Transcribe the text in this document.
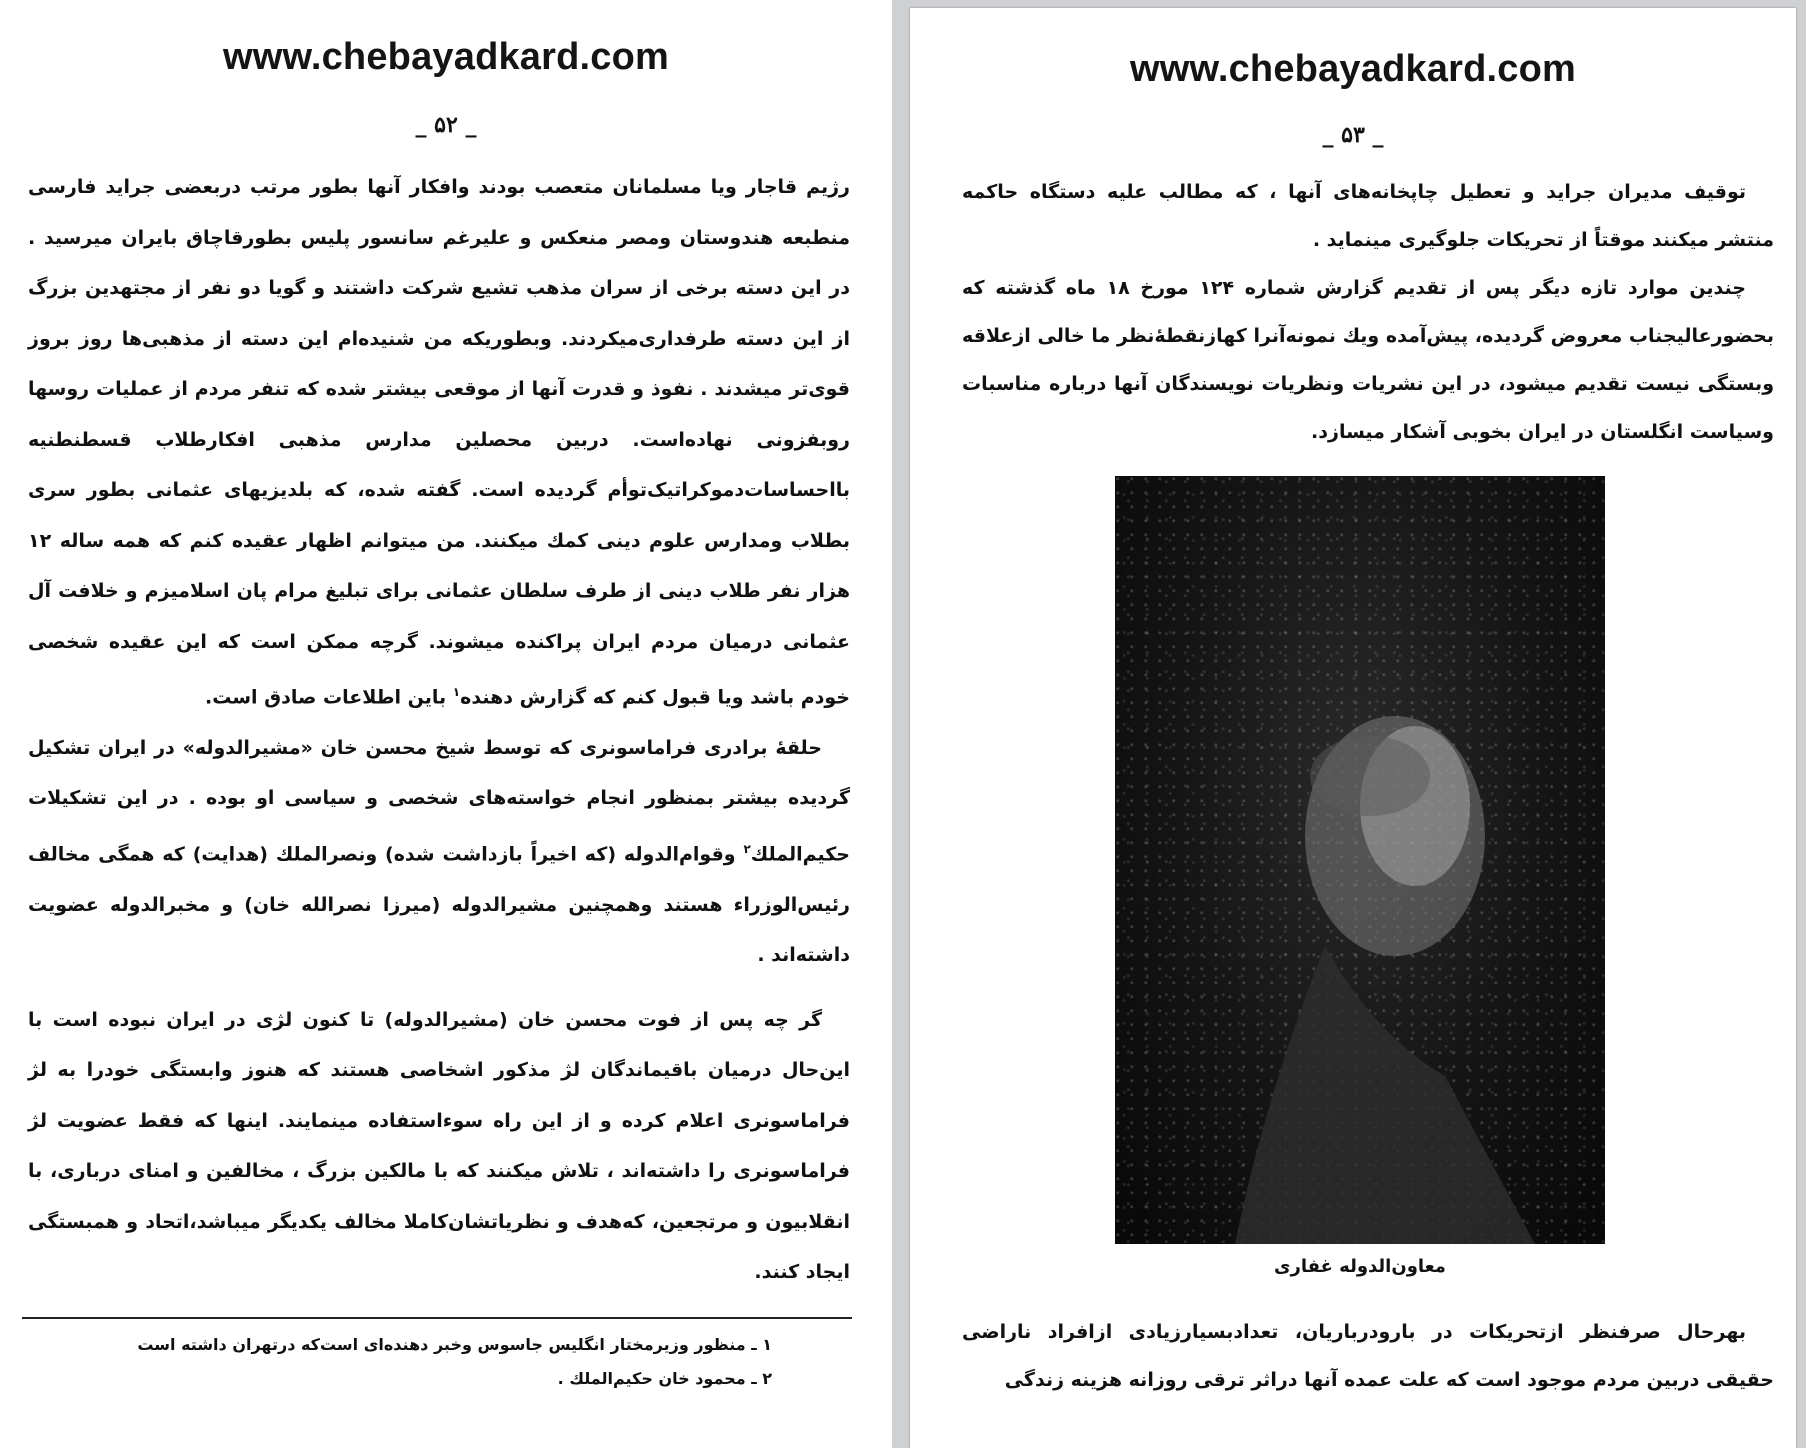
www.chebayadkard.com
_ ۵۲ _

رژیم قاجار ویا مسلمانان متعصب بودند وافکار آنها بطور مرتب دربعضی جراید فارسی منطبعه هندوستان ومصر منعکس و علیرغم سانسور پلیس بطورقاچاق بایران میرسید . در این دسته برخی از سران مذهب تشیع شرکت داشتند و گویا دو نفر از مجتهدین بزرگ از این دسته طرفداری‌میکردند. وبطوریکه من شنیده‌ام این دسته از مذهبی‌ها روز بروز قوی‌تر میشدند . نفوذ و قدرت آنها از موقعی بیشتر شده که تنفر مردم از عملیات روسها روبفزونی نهاده‌است. دربین محصلین مدارس مذهبی افکارطلاب قسطنطنیه بااحساسات‌دموکراتیک‌توأم گردیده است. گفته شده، که بلدیزیهای عثمانی بطور سری بطلاب ومدارس علوم دینی کمك میکنند. من میتوانم اظهار عقیده کنم که همه ساله ۱۲ هزار نفر طلاب دینی از طرف سلطان عثمانی برای تبلیغ مرام پان اسلامیزم و خلافت آل عثمانی درمیان مردم ایران پراکنده میشوند. گرچه ممکن است که این عقیده شخصی خودم باشد ویا قبول کنم که گزارش دهنده$^۱$ باین اطلاعات صادق است.

حلقهٔ برادری فراماسونری که توسط شیخ محسن خان «مشیرالدوله» در ایران تشکیل گردیده بیشتر بمنظور انجام خواسته‌های شخصی و سیاسی او بوده . در این تشکیلات حکیم‌الملك$^۲$ وقوام‌الدوله (که اخیراً بازداشت شده) ونصرالملك (هدایت) که همگی مخالف رئیس‌الوزراء هستند وهمچنین مشیرالدوله (میرزا نصرالله خان) و مخبرالدوله عضویت داشته‌اند .

گر چه پس از فوت محسن خان (مشیرالدوله) تا کنون لژی در ایران نبوده است با این‌حال درمیان باقیماندگان لژ مذکور اشخاصی هستند که هنوز وابستگی خودرا به لژ فراماسونری اعلام کرده و از این راه سوءاستفاده مینمایند. اینها که فقط عضویت لژ فراماسونری را داشته‌اند ، تلاش میکنند که با مالکین بزرگ ، مخالفین و امنای درباری، با انقلابیون و مرتجعین، که‌هدف و نظریاتشان‌کاملا مخالف یکدیگر میباشد،اتحاد و همبستگی ایجاد کنند.

۱ ـ منظور وزیرمختار انگلیس جاسوس وخبر دهنده‌ای است‌که درتهران داشته است
۲ ـ محمود خان حکیم‌الملك .
www.chebayadkard.com
_ ۵۳ _

توقیف مدیران جراید و تعطیل چاپخانه‌های آنها ، که مطالب علیه دستگاه حاکمه منتشر میکنند موقتاً از تحریکات جلوگیری مینماید .

چندین موارد تازه دیگر پس از تقدیم گزارش شماره ۱۲۴ مورخ ۱۸ ماه گذشته که بحضورعالیجناب معروض گردیده، پیش‌آمده ویك نمونه‌آنرا کهازنقطهٔ‌نظر ما خالی ازعلاقه وبستگی نیست تقدیم میشود، در این نشریات ونظریات نویسندگان آنها درباره مناسبات وسیاست انگلستان در ایران بخوبی آشکار میسازد.

معاون‌الدوله غفاری

بهرحال صرفنظر ازتحریکات در بارودرباریان، تعدادبسیارزیادی ازافراد ناراضی حقیقی دربین مردم موجود است که علت عمده آنها دراثر ترقی روزانه هزینه زندگی
